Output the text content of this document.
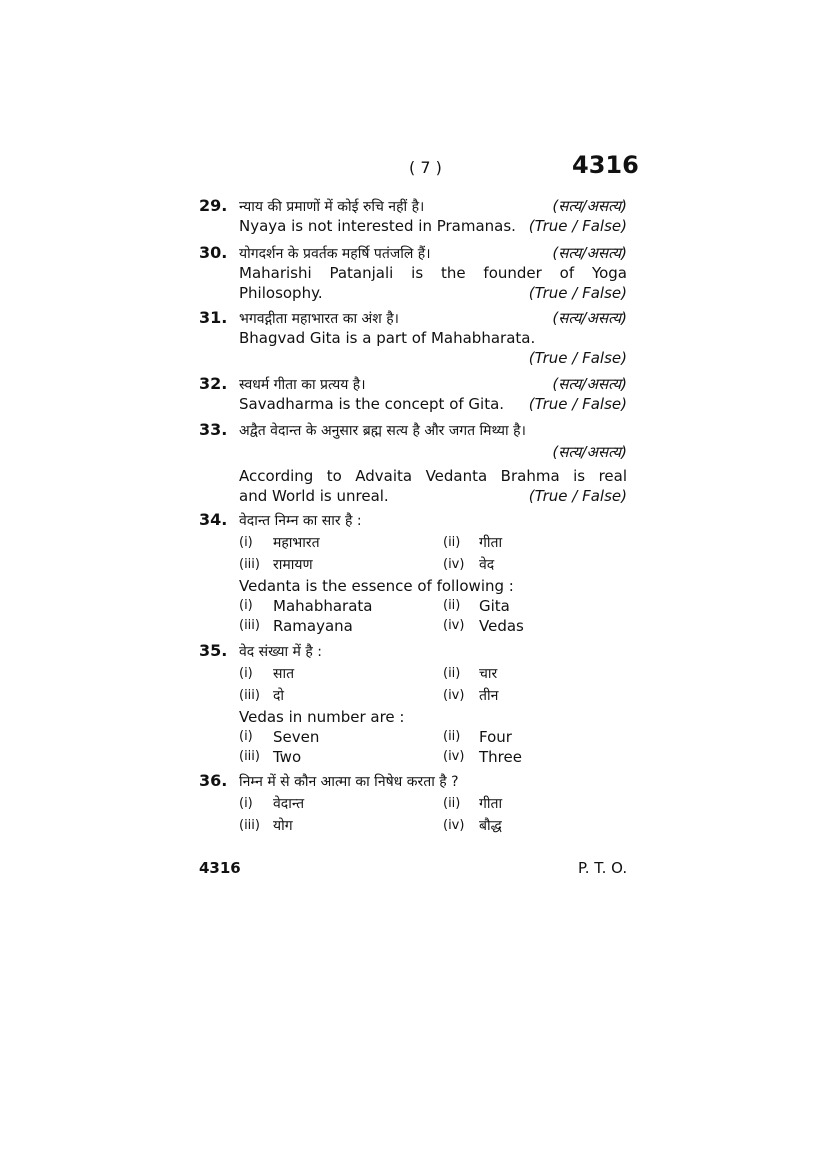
( 7 )	4316
29. न्याय की प्रमाणों में कोई रुचि नहीं है।	(सत्य/असत्य)
Nyaya is not interested in Pramanas. (True / False)
30. योगदर्शन के प्रवर्तक महर्षि पतंजलि हैं।	(सत्य/असत्य)
Maharishi Patanjali is the founder of Yoga
Philosophy.	(True / False)
31. भगवद्गीता महाभारत का अंश है।	(सत्य/असत्य)
Bhagvad Gita is a part of Mahabharata.
(True / False)
32. स्वधर्म गीता का प्रत्यय है।	(सत्य/असत्य)
Savadharma is the concept of Gita. (True / False)
33. अद्वैत वेदान्त के अनुसार ब्रह्म सत्य है और जगत मिथ्या है।
(सत्य/असत्य)
According to Advaita Vedanta Brahma is real
and World is unreal.	(True / False)
34. वेदान्त निम्न का सार है :
(i) महाभारत	(ii) गीता
(iii) रामायण	(iv) वेद
Vedanta is the essence of following :
(i) Mahabharata	(ii) Gita
(iii) Ramayana	(iv) Vedas
35. वेद संख्या में है :
(i) सात	(ii) चार
(iii) दो	(iv) तीन
Vedas in number are :
(i) Seven	(ii) Four
(iii) Two	(iv) Three
36. निम्न में से कौन आत्मा का निषेध करता है ?
(i) वेदान्त	(ii) गीता
(iii) योग	(iv) बौद्ध
4316	P. T. O.
